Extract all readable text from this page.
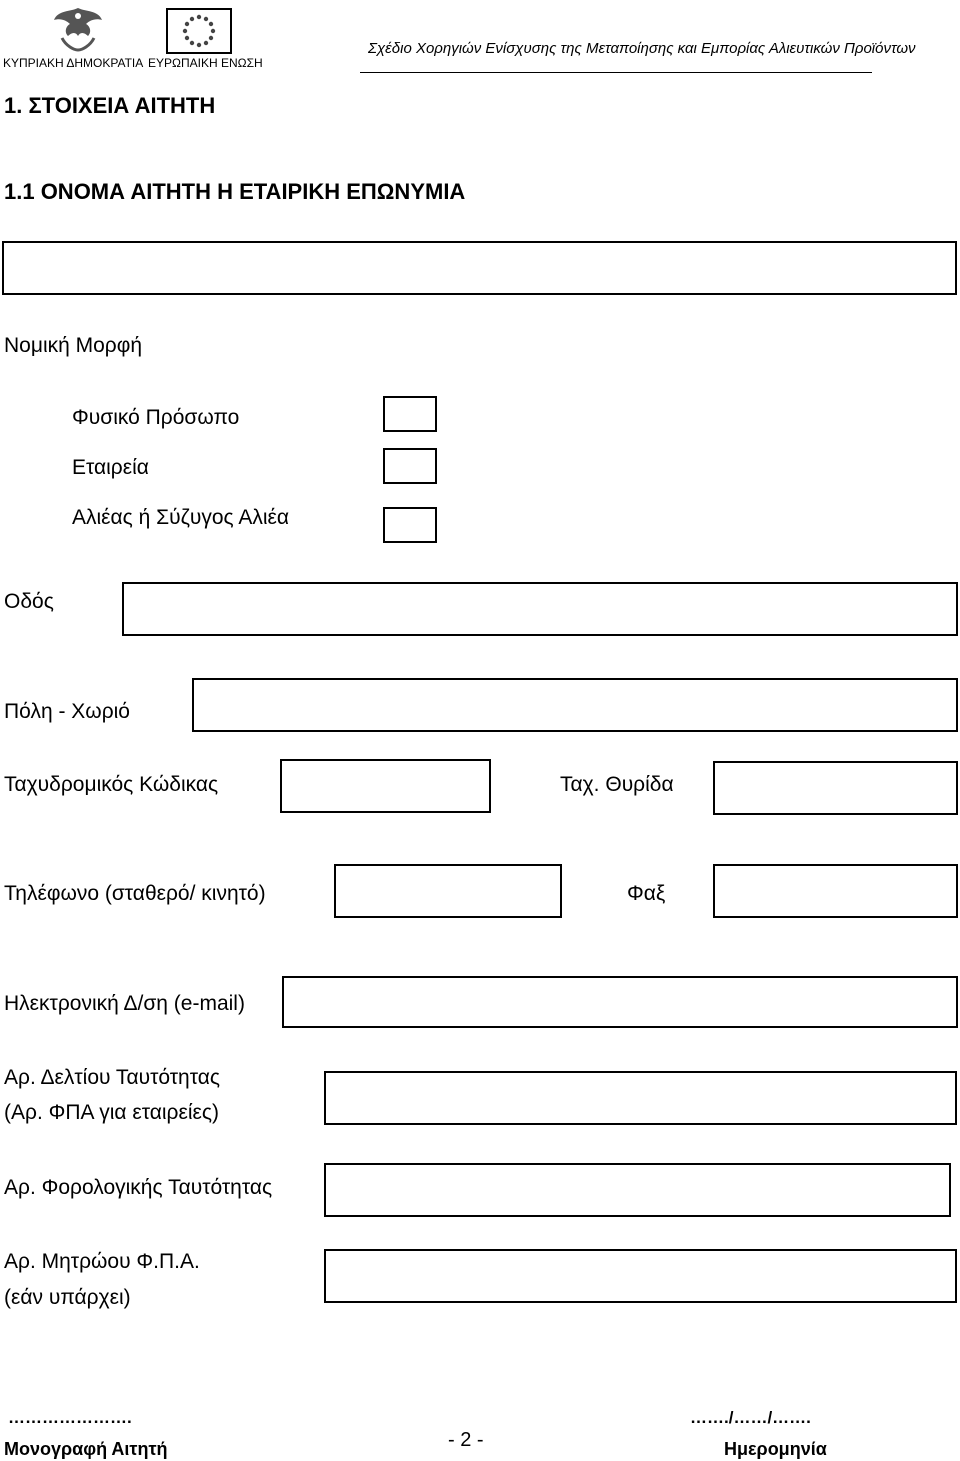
ΚΥΠΡΙΑΚΗ ΔΗΜΟΚΡΑΤΙΑ ΕΥΡΩΠΑΙΚΗ ΕΝΩΣΗ
Σχέδιο Χορηγιών Ενίσχυσης της Μεταποίησης και Εμπορίας Αλιευτικών Προϊόντων
1. ΣΤΟΙΧΕΙΑ ΑΙΤΗΤΗ
1.1 ΟΝΟΜΑ ΑΙΤΗΤΗ Η ΕΤΑΙΡΙΚΗ ΕΠΩΝΥΜΙΑ
Νομική Μορφή
Φυσικό Πρόσωπο
Εταιρεία
Αλιέας ή Σύζυγος Αλιέα
Οδός
Πόλη - Χωριό
Ταχυδρομικός Κώδικας	Ταχ. Θυρίδα
Τηλέφωνο (σταθερό/ κινητό)	Φαξ
Ηλεκτρονική Δ/ση (e-mail)
Αρ. Δελτίου Ταυτότητας
(Αρ. ΦΠΑ για εταιρείες)
Αρ. Φορολογικής Ταυτότητας
Αρ. Μητρώου Φ.Π.Α.
(εάν υπάρχει)
………………….
Μονογραφή Αιτητή	- 2 -
……./……/…….
Ημερομηνία
